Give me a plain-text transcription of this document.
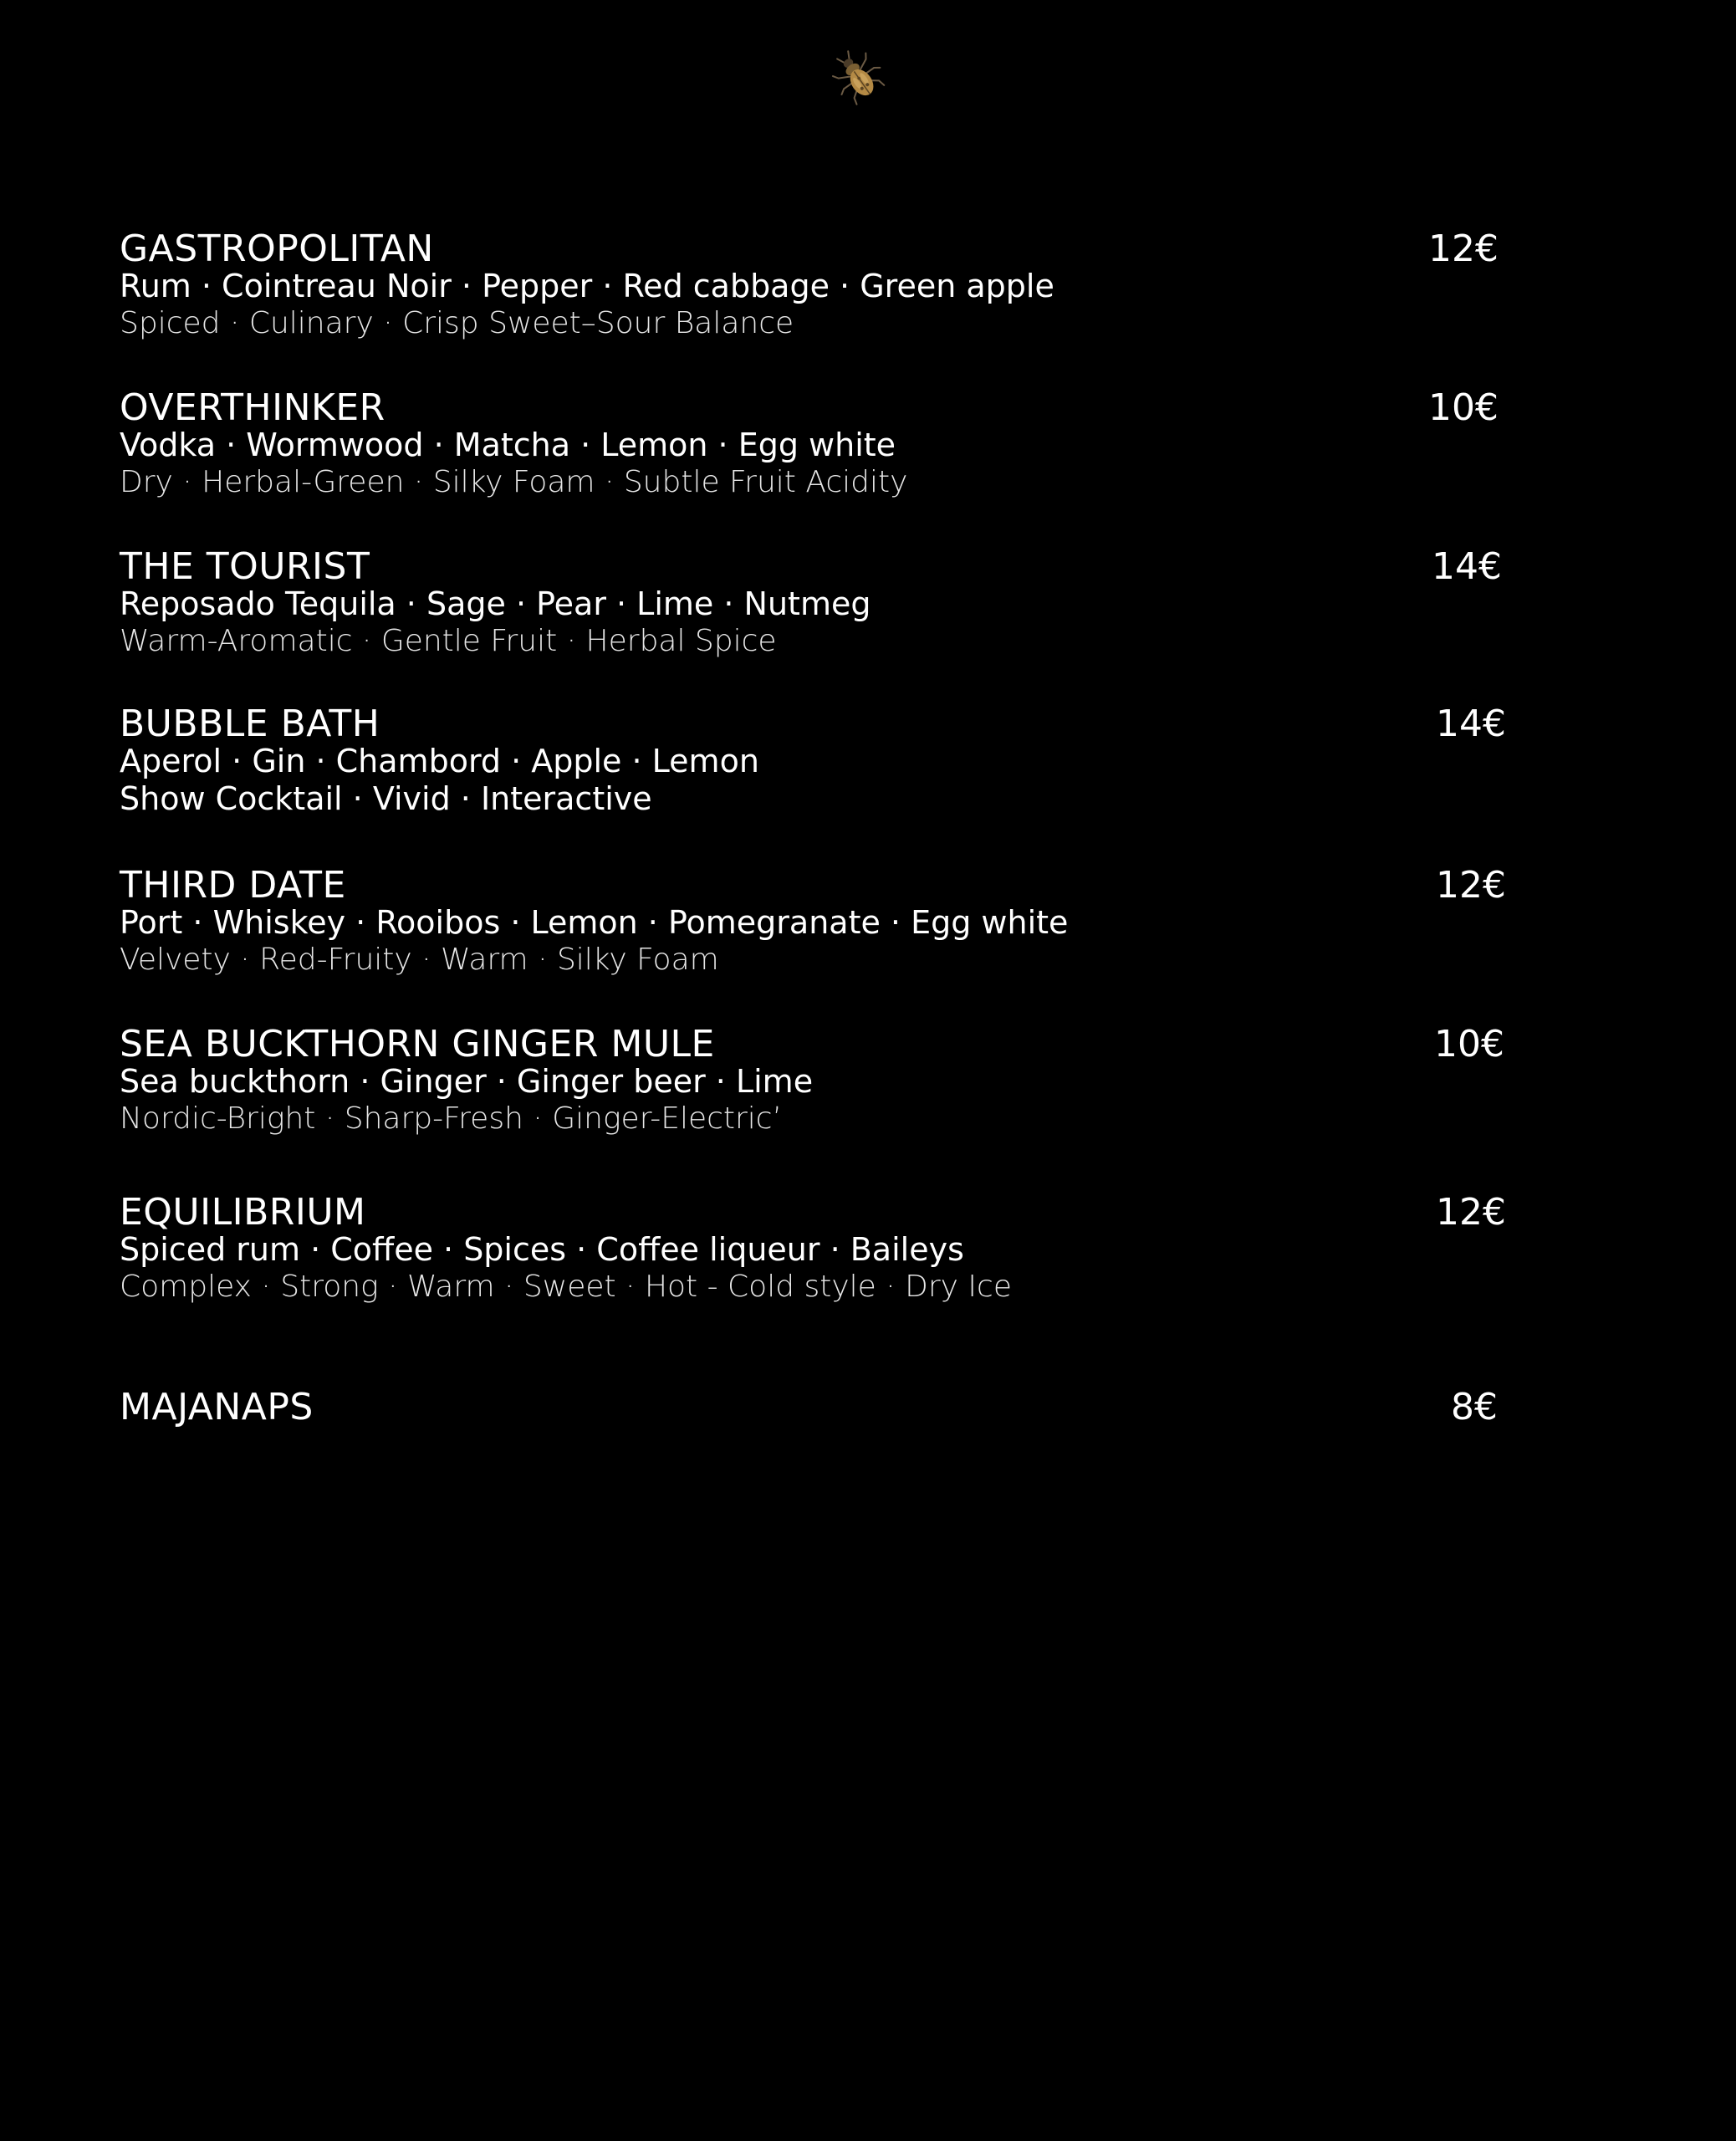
GASTROPOLITAN	12€
Rum · Cointreau Noir · Pepper · Red cabbage · Green apple
Spiced · Culinary · Crisp Sweet–Sour Balance
OVERTHINKER	10€
Vodka · Wormwood · Matcha · Lemon · Egg white
Dry · Herbal-Green · Silky Foam · Subtle Fruit Acidity
THE TOURIST	14€
Reposado Tequila · Sage · Pear · Lime · Nutmeg
Warm-Aromatic · Gentle Fruit · Herbal Spice
BUBBLE BATH	14€
Aperol · Gin · Chambord · Apple · Lemon
Show Cocktail · Vivid · Interactive
THIRD DATE	12€
Port · Whiskey · Rooibos · Lemon · Pomegranate · Egg white
Velvety · Red-Fruity · Warm · Silky Foam
SEA BUCKTHORN GINGER MULE	10€
Sea buckthorn · Ginger · Ginger beer · Lime
Nordic-Bright · Sharp-Fresh · Ginger-Electric’
EQUILIBRIUM	12€
Spiced rum · Coffee · Spices · Coffee liqueur · Baileys
Complex · Strong · Warm · Sweet · Hot - Cold style · Dry Ice
MAJANAPS	8€
